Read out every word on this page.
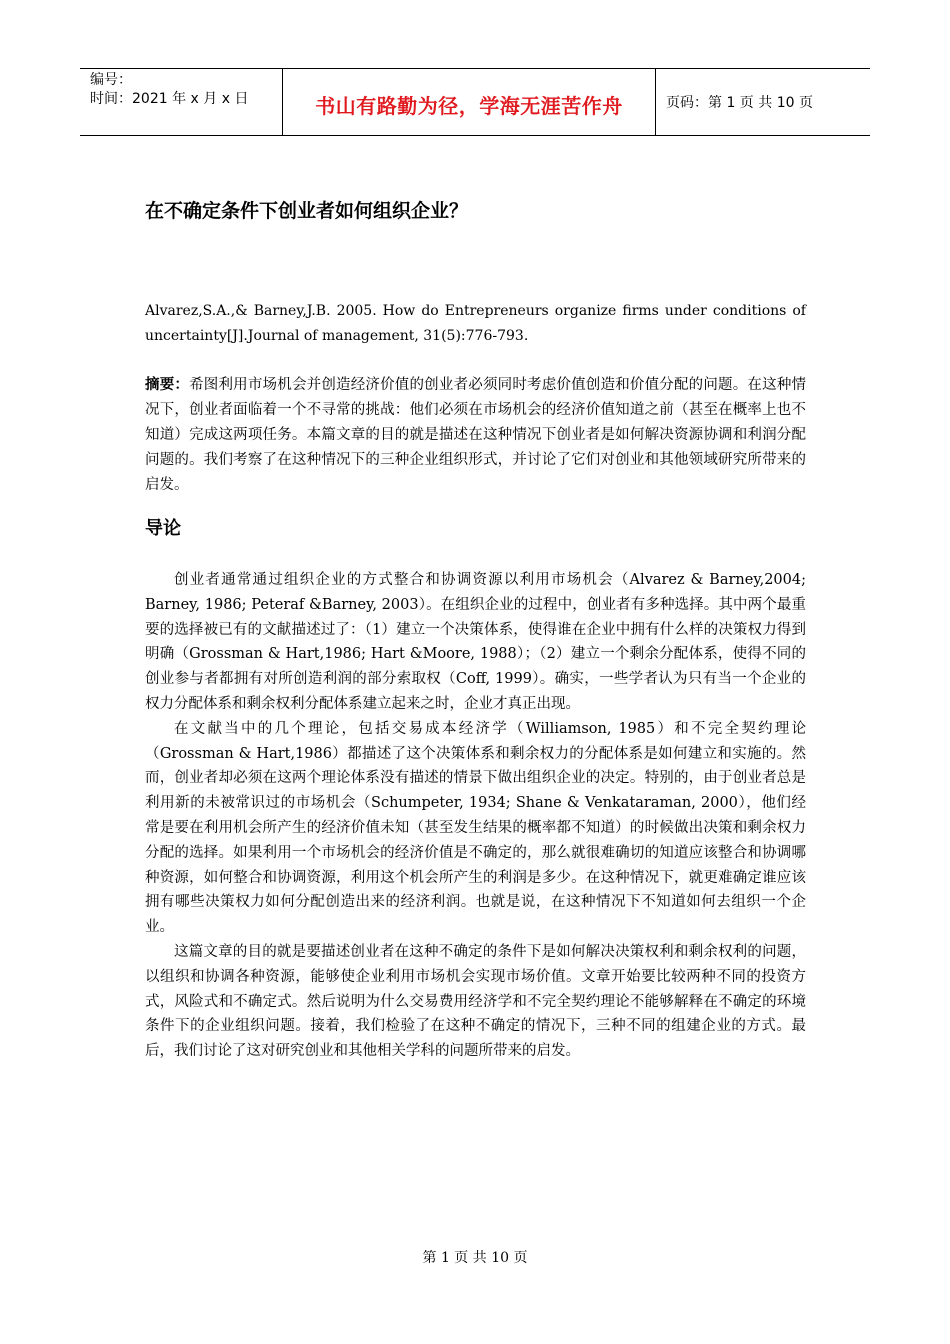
编号：
时间：2021 年 x 月 x 日	书山有路勤为径，学海无涯苦作舟	页码：第 1 页 共 10 页
在不确定条件下创业者如何组织企业？
Alvarez,S.A.,& Barney,J.B. 2005. How do Entrepreneurs organize firms under conditions of uncertainty[J].Journal of management, 31(5):776-793.
摘要：希图利用市场机会并创造经济价值的创业者必须同时考虑价值创造和价值分配的问题。在这种情况下，创业者面临着一个不寻常的挑战：他们必须在市场机会的经济价值知道之前（甚至在概率上也不知道）完成这两项任务。本篇文章的目的就是描述在这种情况下创业者是如何解决资源协调和利润分配问题的。我们考察了在这种情况下的三种企业组织形式，并讨论了它们对创业和其他领域研究所带来的启发。
导论

创业者通常通过组织企业的方式整合和协调资源以利用市场机会（Alvarez & Barney,2004; Barney, 1986; Peteraf &Barney, 2003）。在组织企业的过程中，创业者有多种选择。其中两个最重要的选择被已有的文献描述过了：（1）建立一个决策体系，使得谁在企业中拥有什么样的决策权力得到明确（Grossman & Hart,1986; Hart &Moore, 1988）；（2）建立一个剩余分配体系，使得不同的创业参与者都拥有对所创造利润的部分索取权（Coff, 1999）。确实，一些学者认为只有当一个企业的权力分配体系和剩余权利分配体系建立起来之时，企业才真正出现。

在文献当中的几个理论，包括交易成本经济学（Williamson, 1985）和不完全契约理论（Grossman & Hart,1986）都描述了这个决策体系和剩余权力的分配体系是如何建立和实施的。然而，创业者却必须在这两个理论体系没有描述的情景下做出组织企业的决定。特别的，由于创业者总是利用新的未被常识过的市场机会（Schumpeter, 1934; Shane & Venkataraman, 2000），他们经常是要在利用机会所产生的经济价值未知（甚至发生结果的概率都不知道）的时候做出决策和剩余权力分配的选择。如果利用一个市场机会的经济价值是不确定的，那么就很难确切的知道应该整合和协调哪种资源，如何整合和协调资源，利用这个机会所产生的利润是多少。在这种情况下，就更难确定谁应该拥有哪些决策权力如何分配创造出来的经济利润。也就是说，在这种情况下不知道如何去组织一个企业。

这篇文章的目的就是要描述创业者在这种不确定的条件下是如何解决决策权利和剩余权利的问题，以组织和协调各种资源，能够使企业利用市场机会实现市场价值。文章开始要比较两种不同的投资方式，风险式和不确定式。然后说明为什么交易费用经济学和不完全契约理论不能够解释在不确定的环境条件下的企业组织问题。接着，我们检验了在这种不确定的情况下，三种不同的组建企业的方式。最后，我们讨论了这对研究创业和其他相关学科的问题所带来的启发。

第 1 页 共 10 页
